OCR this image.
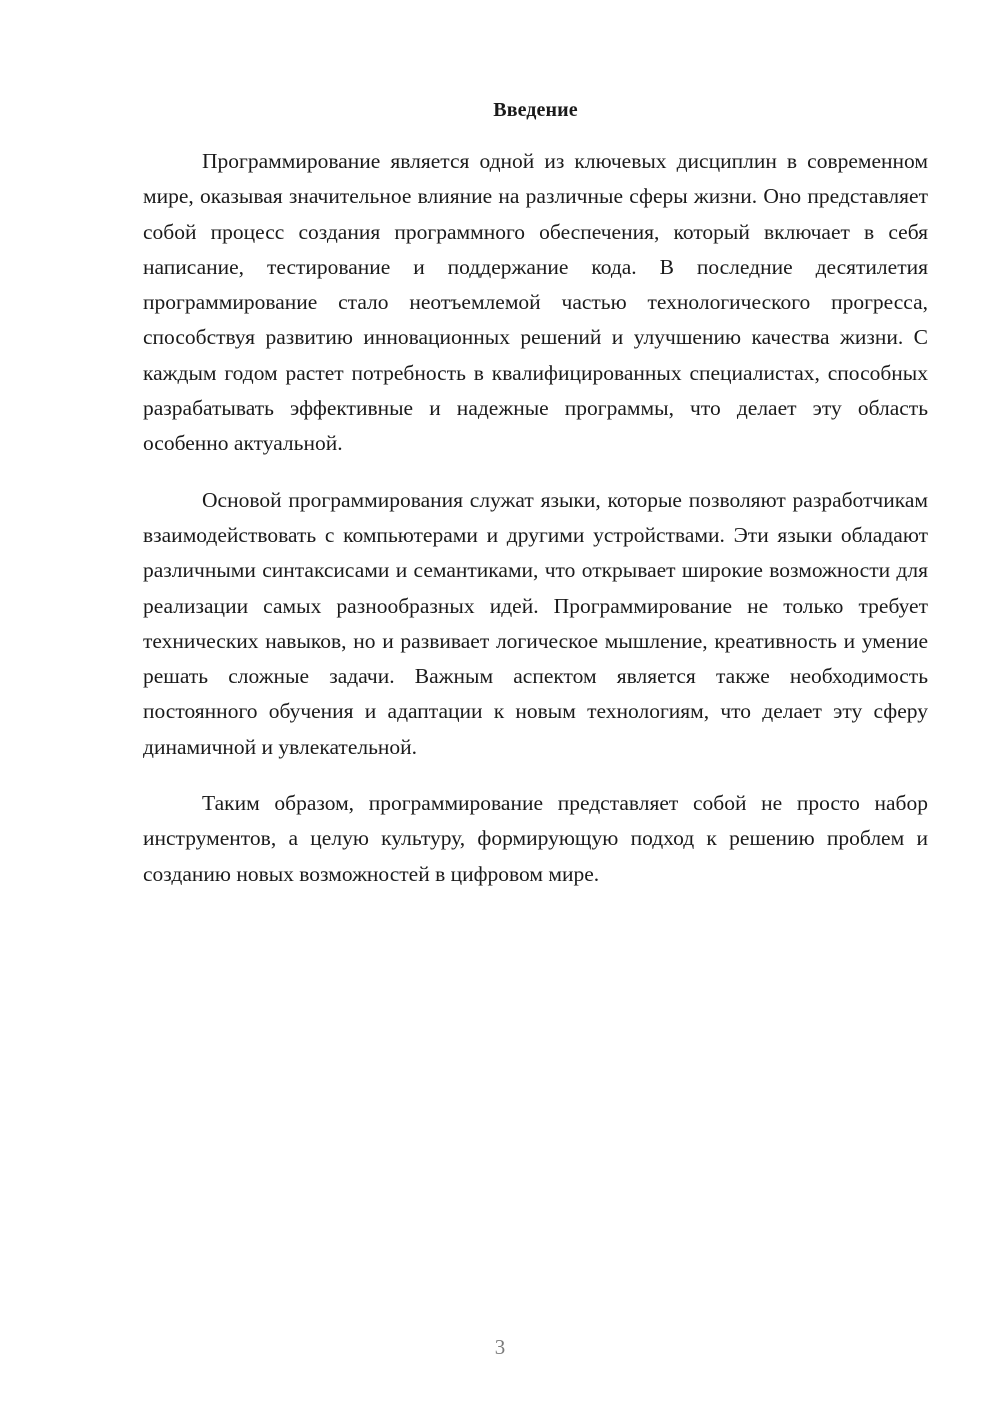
Введение

Программирование является одной из ключевых дисциплин в современном мире, оказывая значительное влияние на различные сферы жизни. Оно представляет собой процесс создания программного обеспечения, который включает в себя написание, тестирование и поддержание кода. В последние десятилетия программирование стало неотъемлемой частью технологического прогресса, способствуя развитию инновационных решений и улучшению качества жизни. С каждым годом растет потребность в квалифицированных специалистах, способных разрабатывать эффективные и надежные программы, что делает эту область особенно актуальной.

Основой программирования служат языки, которые позволяют разработчикам взаимодействовать с компьютерами и другими устройствами. Эти языки обладают различными синтаксисами и семантиками, что открывает широкие возможности для реализации самых разнообразных идей. Программирование не только требует технических навыков, но и развивает логическое мышление, креативность и умение решать сложные задачи. Важным аспектом является также необходимость постоянного обучения и адаптации к новым технологиям, что делает эту сферу динамичной и увлекательной.

Таким образом, программирование представляет собой не просто набор инструментов, а целую культуру, формирующую подход к решению проблем и созданию новых возможностей в цифровом мире.

3
